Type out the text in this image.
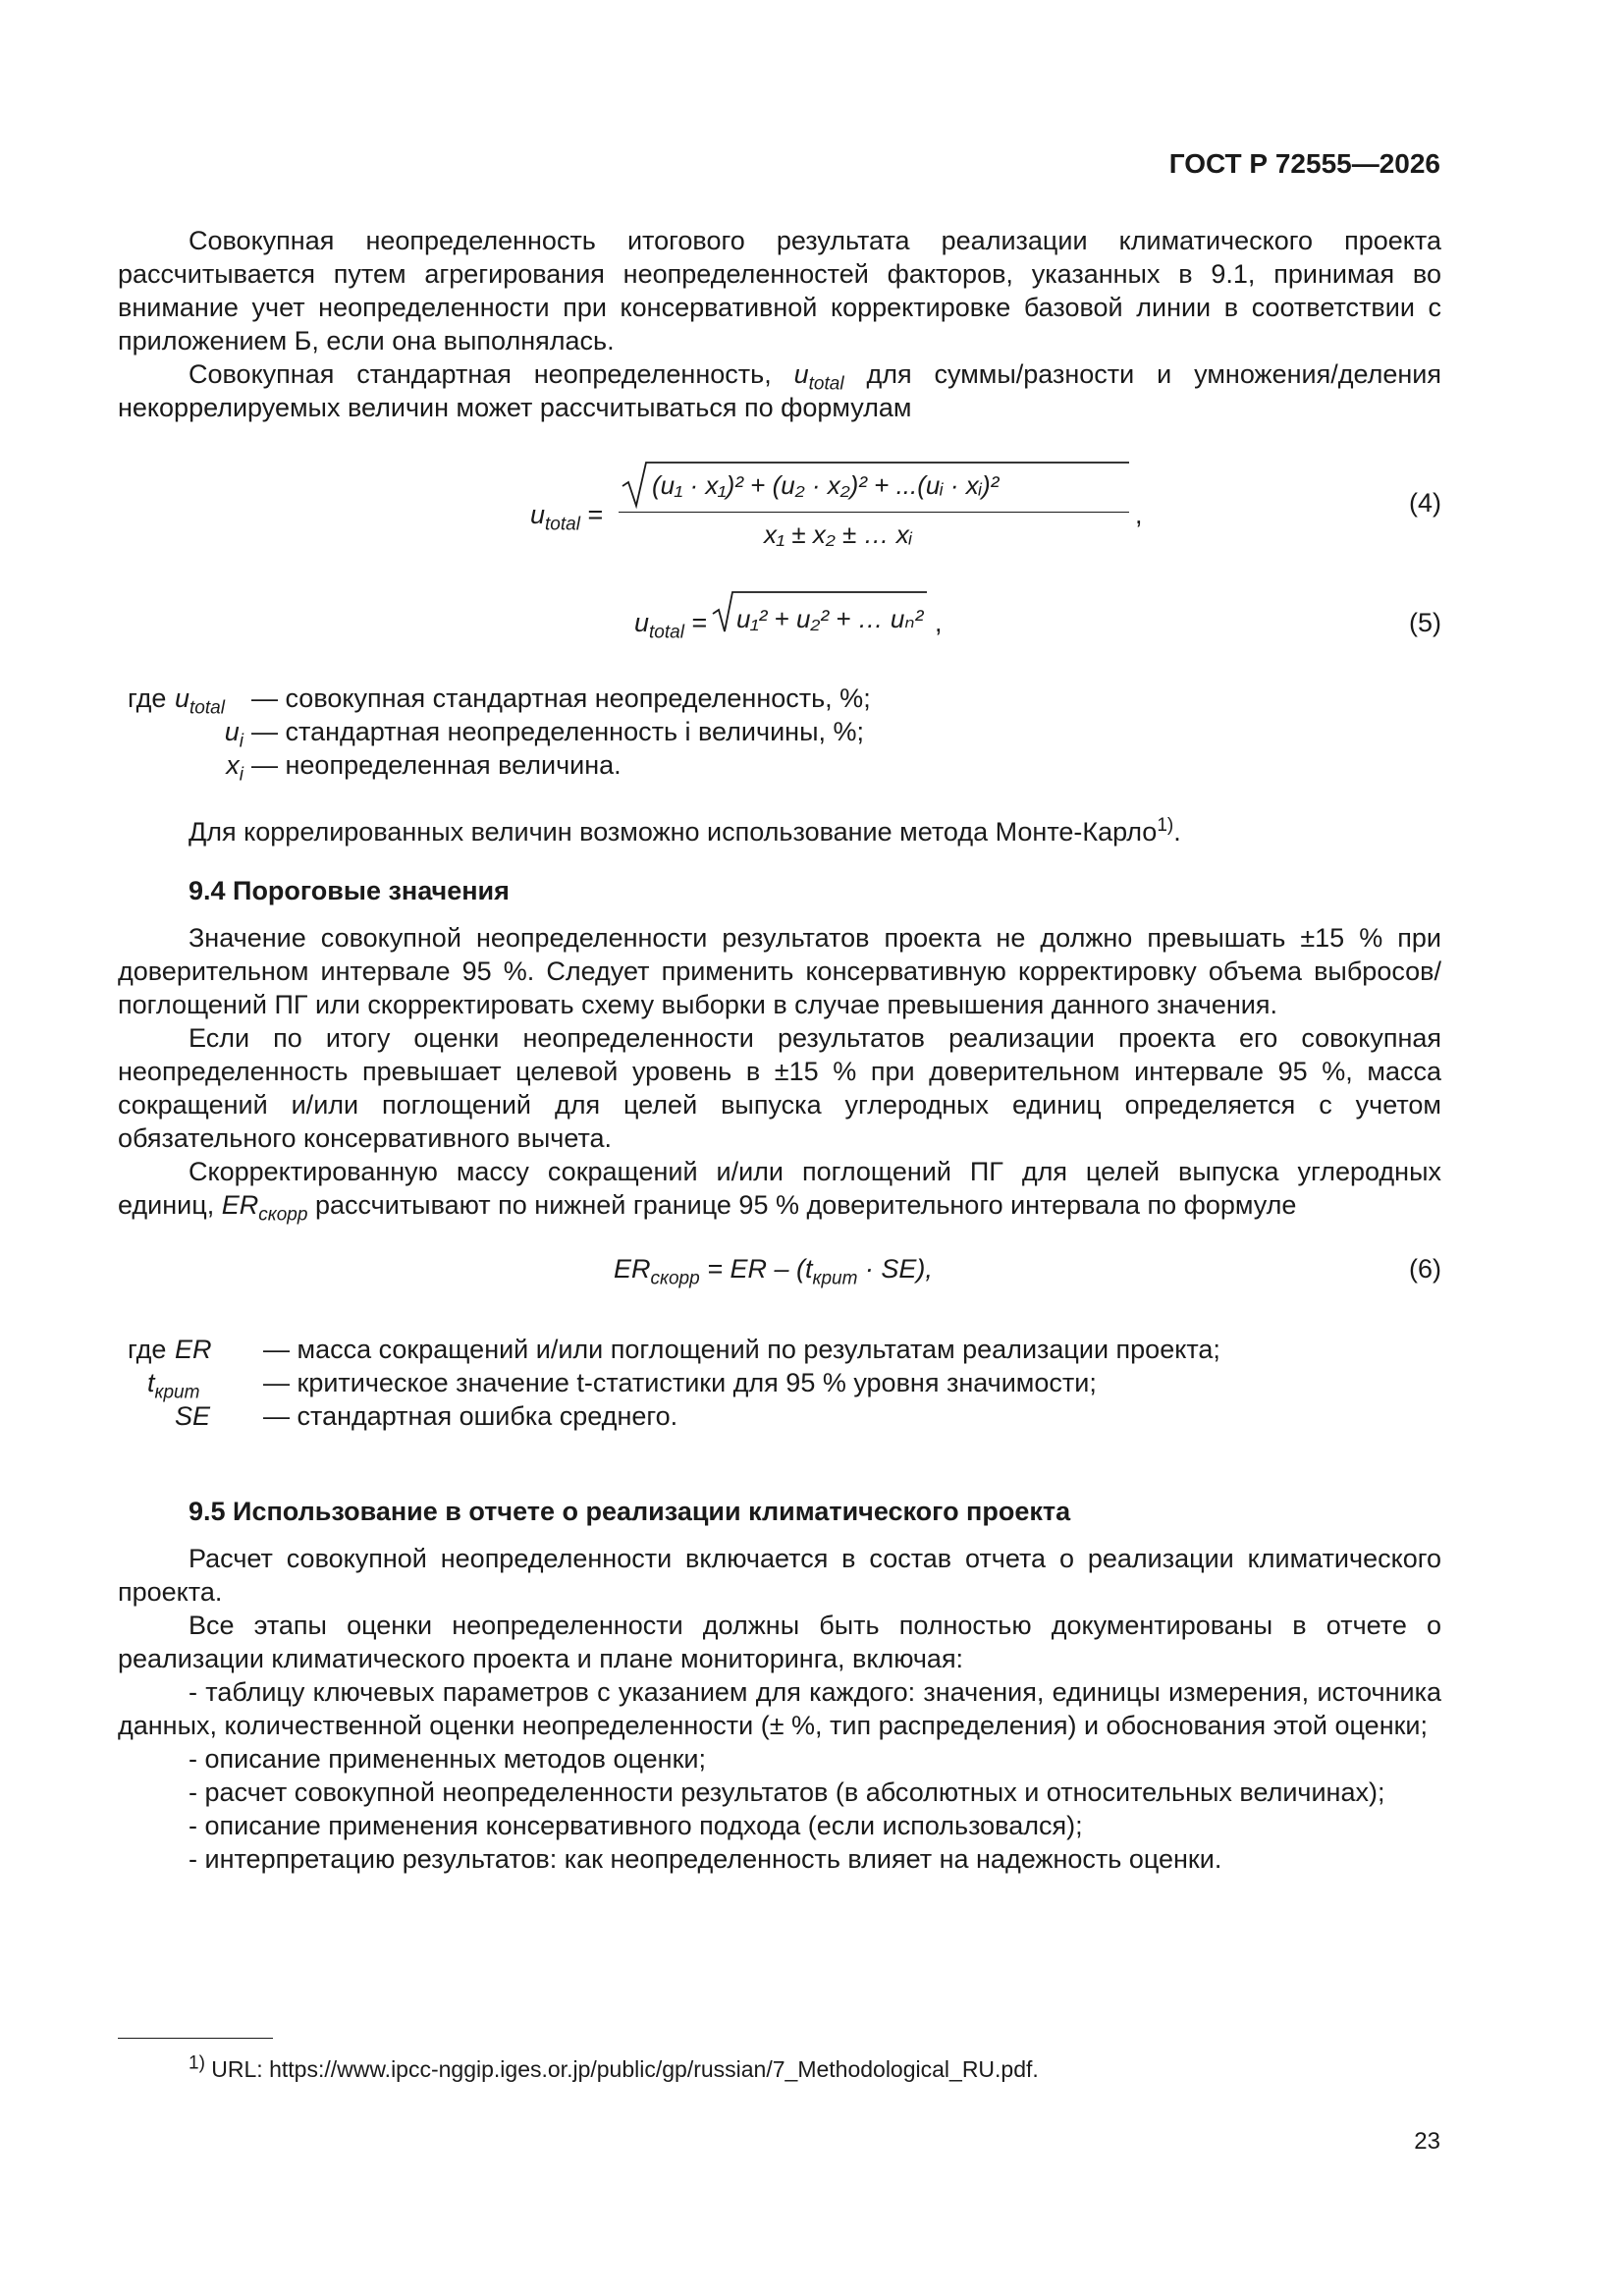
ГОСТ Р 72555—2026

Совокупная неопределенность итогового результата реализации климатического проекта рассчитывается путем агрегирования неопределенностей факторов, указанных в 9.1, принимая во внимание учет неопределенности при консервативной корректировке базовой линии в соответствии с приложением Б, если она выполнялась.

Совокупная стандартная неопределенность, $u_{total}$ для суммы/разности и умножения/деления некоррелируемых величин может рассчитываться по формулам

$u_{total}$ =
(u₁ · x₁)² + (u₂ · x₂)² + ...(uᵢ · xᵢ)²
x₁ ± x₂ ± … xᵢ
,	(4)
$u_{total} = u_1^2 + u_2^2$ + … uₙ² ,	(5)
где $u_{total}$	— совокупная стандартная неопределенность, %;
$u_i$ — стандартная неопределенность i величины, %;
$x_i$ — неопределенная величина.

Для коррелированных величин возможно использование метода Монте-Карло$^{1)}$.

9.4 Пороговые значения

Значение совокупной неопределенности результатов проекта не должно превышать ±15 % при доверительном интервале 95 %. Следует применить консервативную корректировку объема выбросов/поглощений ПГ или скорректировать схему выборки в случае превышения данного значения.

Если по итогу оценки неопределенности результатов реализации проекта его совокупная неопределенность превышает целевой уровень в ±15 % при доверительном интервале 95 %, масса сокращений и/или поглощений для целей выпуска углеродных единиц определяется с учетом обязательного консервативного вычета.

Скорректированную массу сокращений и/или поглощений ПГ для целей выпуска углеродных единиц, $ER_{скорр}$ рассчитывают по нижней границе 95 % доверительного интервала по формуле

$ER_{скорр}$ = ER – $(t_{крит} \cdot SE)$,	(6)
где ER	— масса сокращений и/или поглощений по результатам реализации проекта;
$t_{крит}$	— критическое значение t-статистики для 95 % уровня значимости;
SE	— стандартная ошибка среднего.

9.5 Использование в отчете о реализации климатического проекта

Расчет совокупной неопределенности включается в состав отчета о реализации климатического проекта.

Все этапы оценки неопределенности должны быть полностью документированы в отчете о реализации климатического проекта и плане мониторинга, включая:

- таблицу ключевых параметров с указанием для каждого: значения, единицы измерения, источника данных, количественной оценки неопределенности (± %, тип распределения) и обоснования этой оценки;
- описание примененных методов оценки;
- расчет совокупной неопределенности результатов (в абсолютных и относительных величинах);
- описание применения консервативного подхода (если использовался);
- интерпретацию результатов: как неопределенность влияет на надежность оценки.
$^{1)}$ URL: https://www.ipcc-nggip.iges.or.jp/public/gp/russian/7_Methodological_RU.pdf.
23
